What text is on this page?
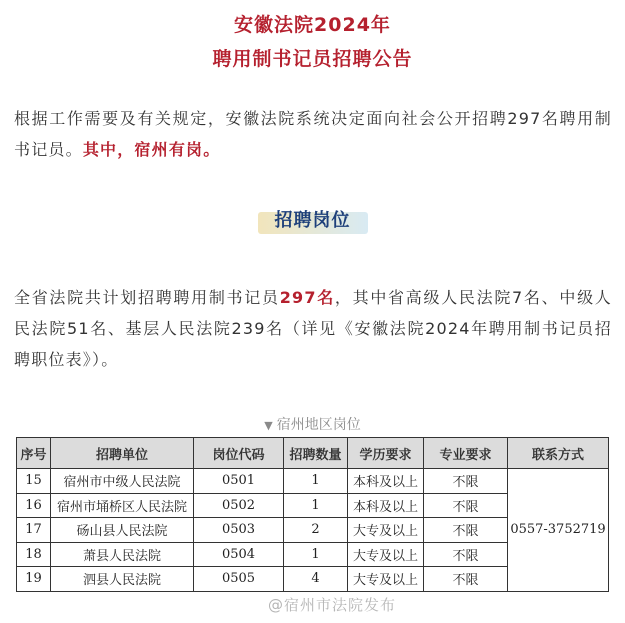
安徽法院2024年
聘用制书记员招聘公告
根据工作需要及有关规定，安徽法院系统决定面向社会公开招聘297名聘用制书记员。其中，宿州有岗。
招聘岗位
全省法院共计划招聘聘用制书记员297名，其中省高级人民法院7名、中级人民法院51名、基层人民法院239名（详见《安徽法院2024年聘用制书记员招聘职位表》）。
▼ 宿州地区岗位
序号	招聘单位	岗位代码	招聘数量	学历要求	专业要求	联系方式
15	宿州市中级人民法院	0501	1	本科及以上	不限	0557-3752719
16	宿州市埇桥区人民法院	0502	1	本科及以上	不限	
17	砀山县人民法院	0503	2	大专及以上	不限	
18	萧县人民法院	0504	1	大专及以上	不限	
19	泗县人民法院	0505	4	大专及以上	不限	
@宿州市法院发布
